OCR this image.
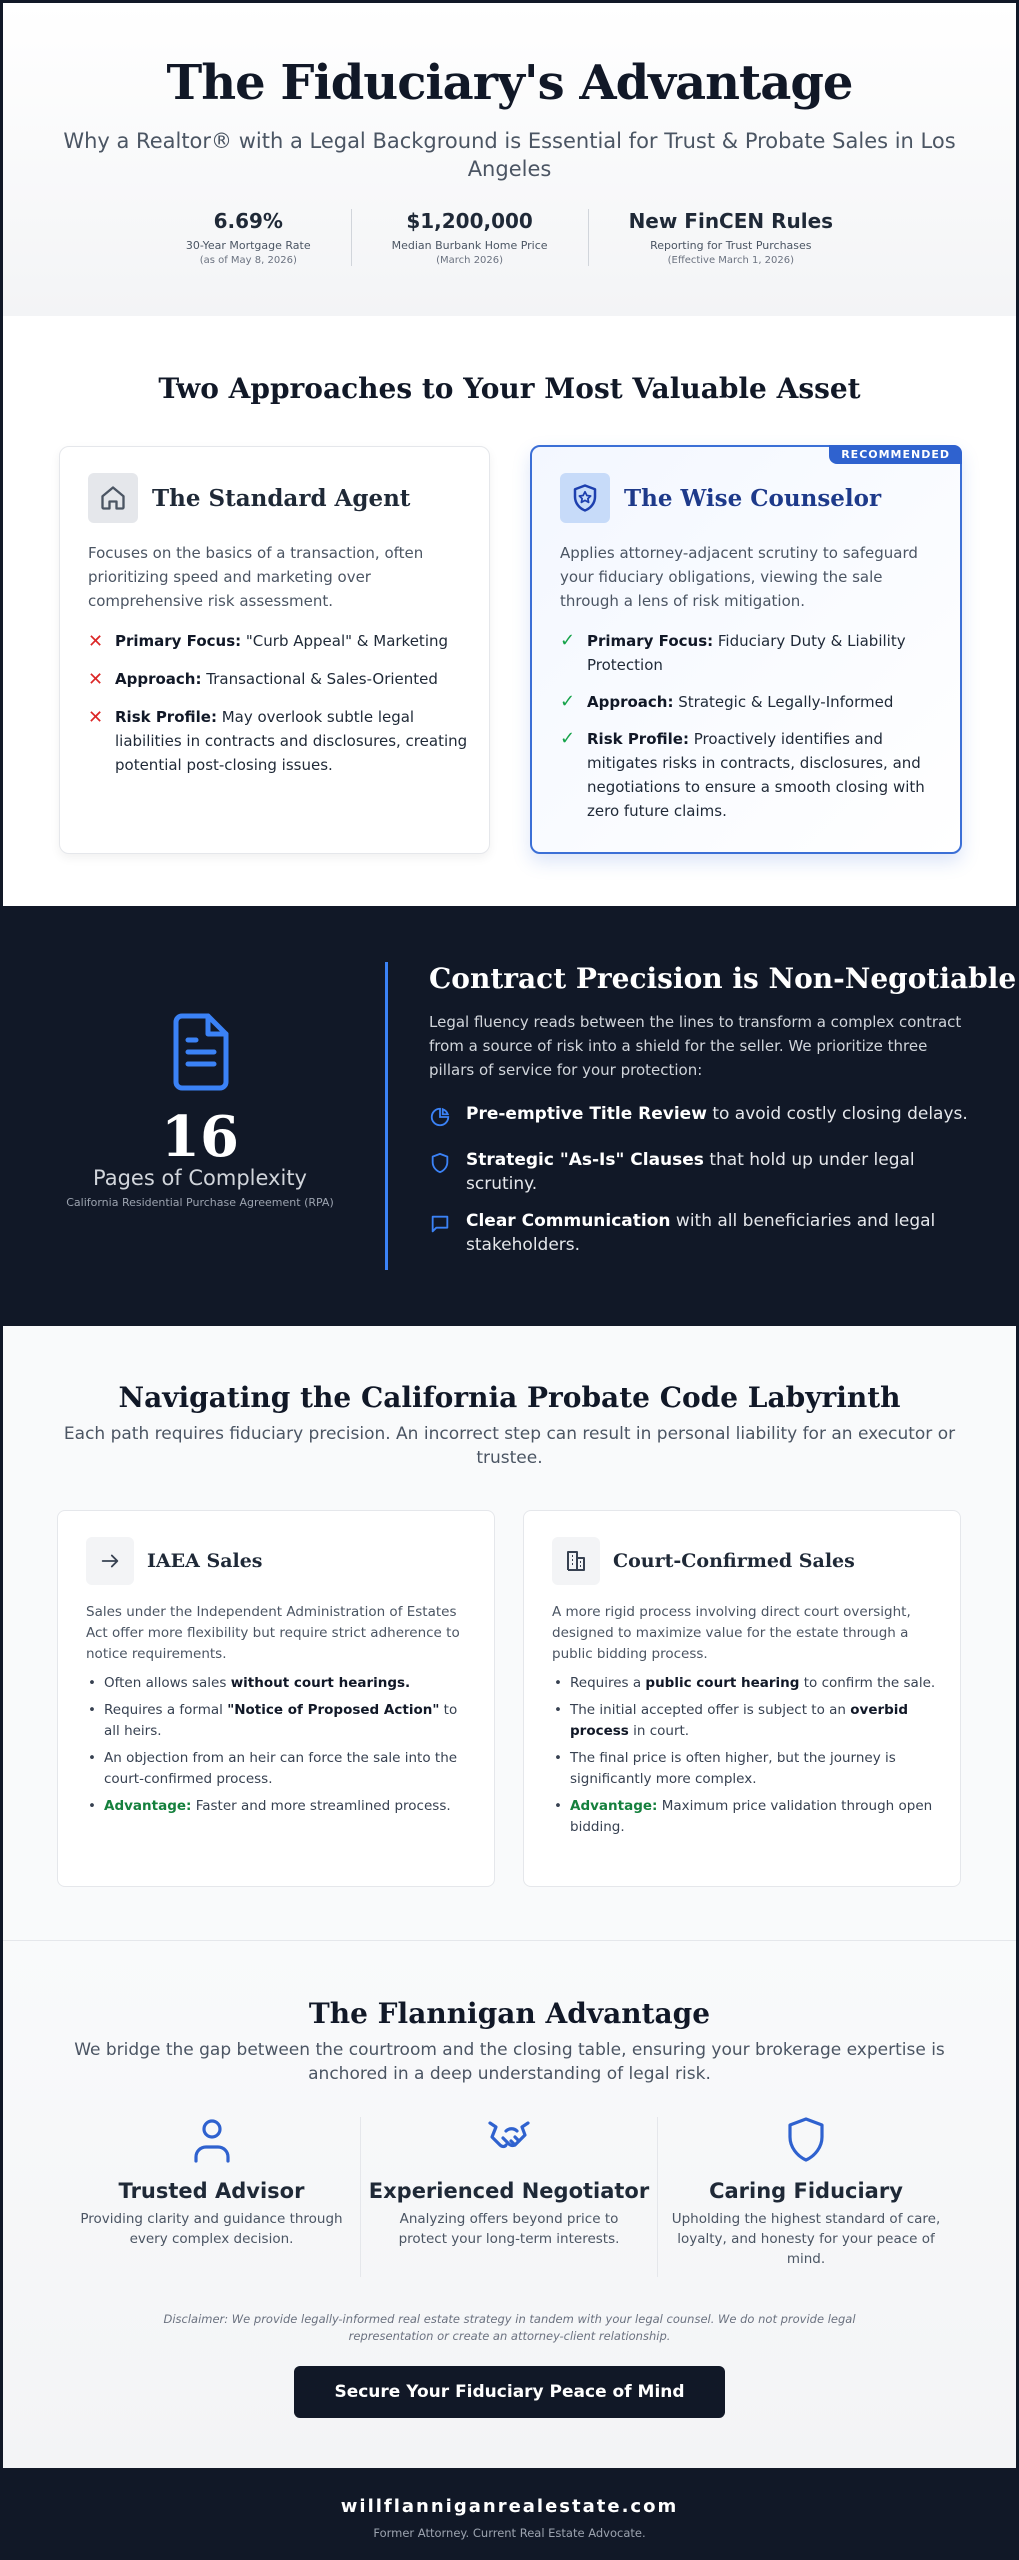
The Fiduciary's Advantage

Why a Realtor® with a Legal Background is Essential for Trust & Probate Sales in Los Angeles

6.69%
30-Year Mortgage Rate
(as of May 8, 2026)
$1,200,000
Median Burbank Home Price
(March 2026)
New FinCEN Rules
Reporting for Trust Purchases
(Effective March 1, 2026)
Two Approaches to Your Most Valuable Asset
The Standard Agent

Focuses on the basics of a transaction, often prioritizing speed and marketing over comprehensive risk assessment.

✕ Primary Focus: "Curb Appeal" & Marketing
✕ Approach: Transactional & Sales-Oriented
✕ Risk Profile: May overlook subtle legal liabilities in contracts and disclosures, creating potential post-closing issues.
RECOMMENDED
The Wise Counselor

Applies attorney-adjacent scrutiny to safeguard your fiduciary obligations, viewing the sale through a lens of risk mitigation.

✓ Primary Focus: Fiduciary Duty & Liability Protection
✓ Approach: Strategic & Legally-Informed
✓ Risk Profile: Proactively identifies and mitigates risks in contracts, disclosures, and negotiations to ensure a smooth closing with zero future claims.
16
Pages of Complexity
California Residential Purchase Agreement (RPA)
Contract Precision is Non-Negotiable

Legal fluency reads between the lines to transform a complex contract from a source of risk into a shield for the seller. We prioritize three pillars of service for your protection:

Pre-emptive Title Review to avoid costly closing delays.
Strategic "As-Is" Clauses that hold up under legal scrutiny.
Clear Communication with all beneficiaries and legal stakeholders.
Navigating the California Probate Code Labyrinth

Each path requires fiduciary precision. An incorrect step can result in personal liability for an executor or trustee.

IAEA Sales

Sales under the Independent Administration of Estates Act offer more flexibility but require strict adherence to notice requirements.

• Often allows sales without court hearings.
• Requires a formal "Notice of Proposed Action" to all heirs.
• An objection from an heir can force the sale into the court-confirmed process.
• Advantage: Faster and more streamlined process.
Court-Confirmed Sales

A more rigid process involving direct court oversight, designed to maximize value for the estate through a public bidding process.

• Requires a public court hearing to confirm the sale.
• The initial accepted offer is subject to an overbid process in court.
• The final price is often higher, but the journey is significantly more complex.
• Advantage: Maximum price validation through open bidding.
The Flannigan Advantage

We bridge the gap between the courtroom and the closing table, ensuring your brokerage expertise is anchored in a deep understanding of legal risk.

Trusted Advisor

Providing clarity and guidance through every complex decision.

Experienced Negotiator

Analyzing offers beyond price to protect your long-term interests.

Caring Fiduciary

Upholding the highest standard of care, loyalty, and honesty for your peace of mind.

Disclaimer: We provide legally-informed real estate strategy in tandem with your legal counsel. We do not provide legal representation or create an attorney-client relationship.

Secure Your Fiduciary Peace of Mind
willflanniganrealestate.com
Former Attorney. Current Real Estate Advocate.
